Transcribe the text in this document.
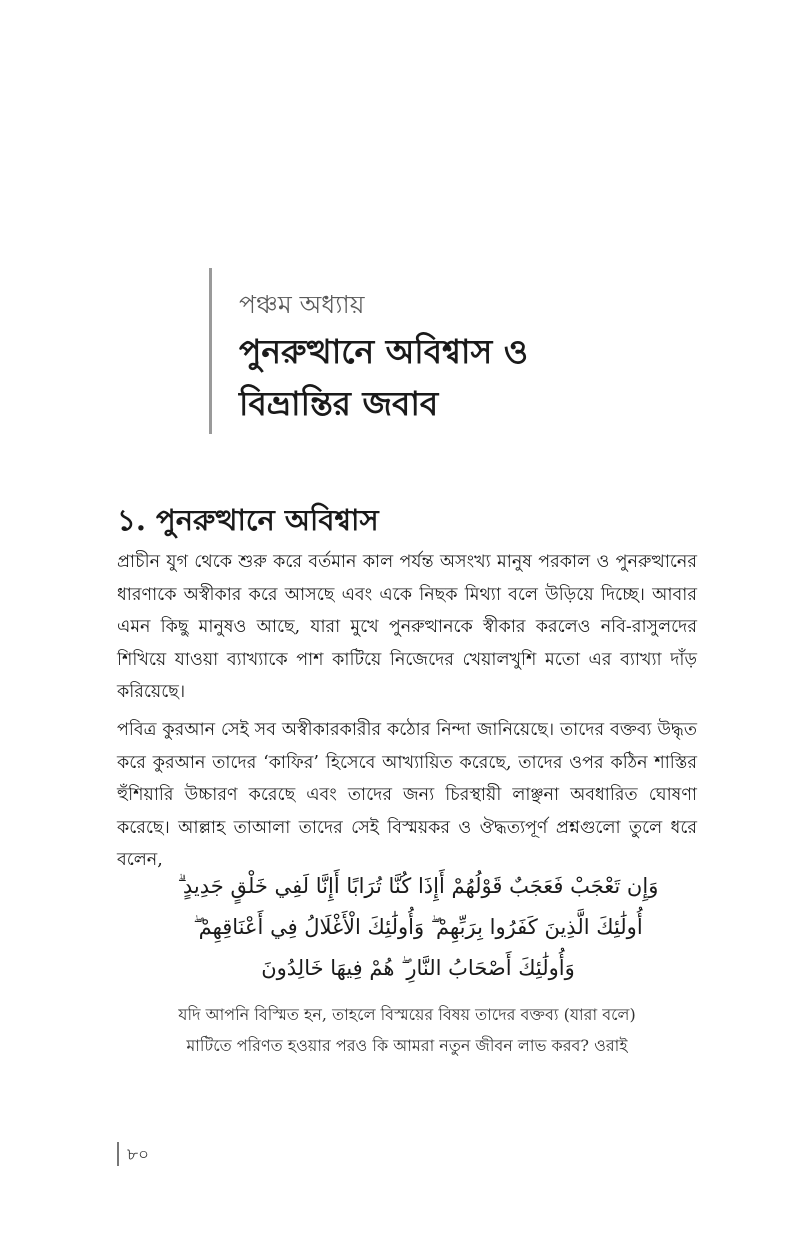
পঞ্চম অধ্যায়
পুনরুত্থানে অবিশ্বাস ও
বিভ্রান্তির জবাব
১. পুনরুত্থানে অবিশ্বাস
প্রাচীন যুগ থেকে শুরু করে বর্তমান কাল পর্যন্ত অসংখ্য মানুষ পরকাল ও পুনরুত্থানের ধারণাকে অস্বীকার করে আসছে এবং একে নিছক মিথ্যা বলে উড়িয়ে দিচ্ছে। আবার এমন কিছু মানুষও আছে, যারা মুখে পুনরুত্থানকে স্বীকার করলেও নবি-রাসুলদের শিখিয়ে যাওয়া ব্যাখ্যাকে পাশ কাটিয়ে নিজেদের খেয়ালখুশি মতো এর ব্যাখ্যা দাঁড় করিয়েছে।
পবিত্র কুরআন সেই সব অস্বীকারকারীর কঠোর নিন্দা জানিয়েছে। তাদের বক্তব্য উদ্ধৃত করে কুরআন তাদের ‘কাফির’ হিসেবে আখ্যায়িত করেছে, তাদের ওপর কঠিন শাস্তির হুঁশিয়ারি উচ্চারণ করেছে এবং তাদের জন্য চিরস্থায়ী লাঞ্ছনা অবধারিত ঘোষণা করেছে। আল্লাহ তাআলা তাদের সেই বিস্ময়কর ও ঔদ্ধত্যপূর্ণ প্রশ্নগুলো তুলে ধরে বলেন,
وَإِن تَعْجَبْ فَعَجَبٌ قَوْلُهُمْ أَإِذَا كُنَّا تُرَابًا أَإِنَّا لَفِي خَلْقٍ جَدِيدٍ ۗ
أُولَٰئِكَ الَّذِينَ كَفَرُوا بِرَبِّهِمْ ۖ وَأُولَٰئِكَ الْأَغْلَالُ فِي أَعْنَاقِهِمْ ۖ
وَأُولَٰئِكَ أَصْحَابُ النَّارِ ۖ هُمْ فِيهَا خَالِدُونَ
যদি আপনি বিস্মিত হন, তাহলে বিস্ময়ের বিষয় তাদের বক্তব্য (যারা বলে)
মাটিতে পরিণত হওয়ার পরও কি আমরা নতুন জীবন লাভ করব? ওরাই
৮০
